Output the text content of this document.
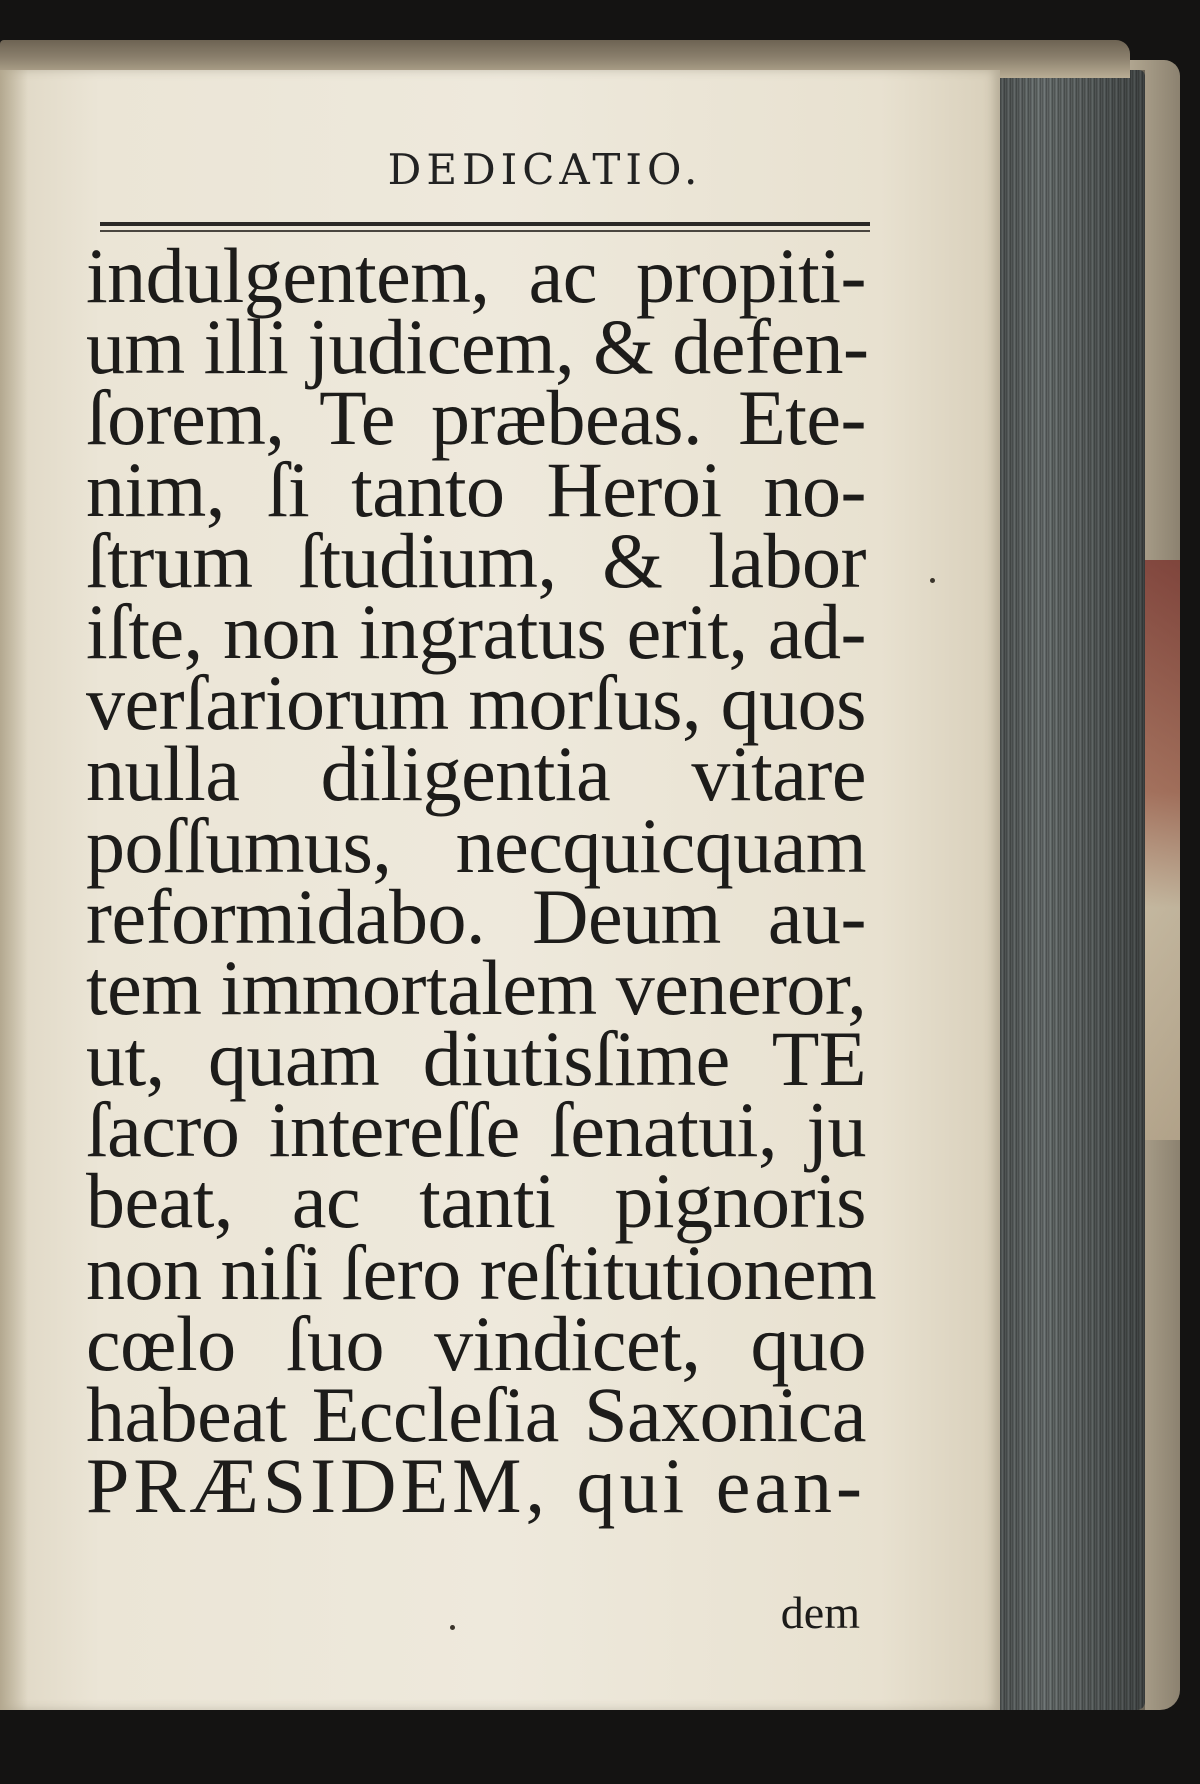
DEDICATIO.
indulgentem, ac propiti-
um illi judicem, & defen-
ſorem, Te præbeas. Ete-
nim, ſi tanto Heroi no-
ſtrum ſtudium, & labor
iſte, non ingratus erit, ad-
verſariorum morſus, quos
nulla diligentia vitare
poſſumus, necquicquam
reformidabo. Deum au-
tem immortalem veneror,
ut, quam diutisſime TE
ſacro intereſſe ſenatui, ju
beat, ac tanti pignoris
non niſi ſero reſtitutionem
cœlo ſuo vindicet, quo
habeat Eccleſia Saxonica
PRÆSIDEM, qui ean-
dem
